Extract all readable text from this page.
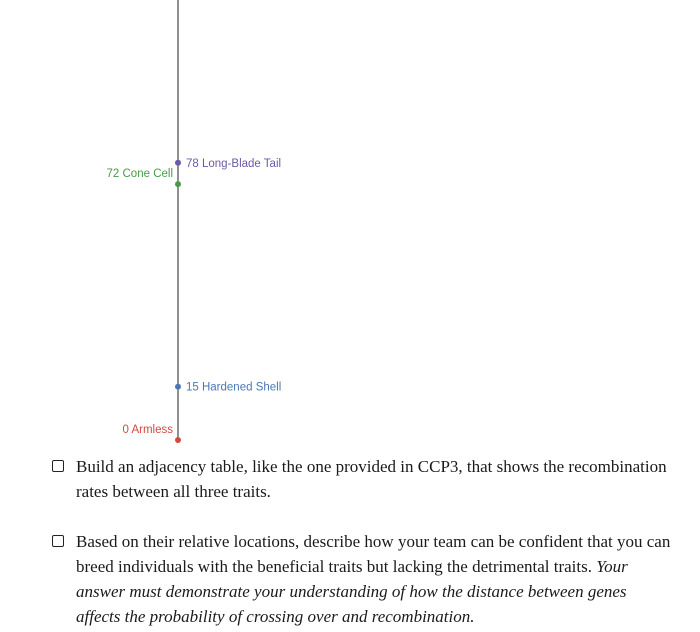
78 Long-Blade Tail
72 Cone Cell
15 Hardened Shell
0 Armless
Build an adjacency table, like the one provided in CCP3, that shows the recombination rates between all three traits.
Based on their relative locations, describe how your team can be confident that you can breed individuals with the beneficial traits but lacking the detrimental traits. Your answer must demonstrate your understanding of how the distance between genes affects the probability of crossing over and recombination.
